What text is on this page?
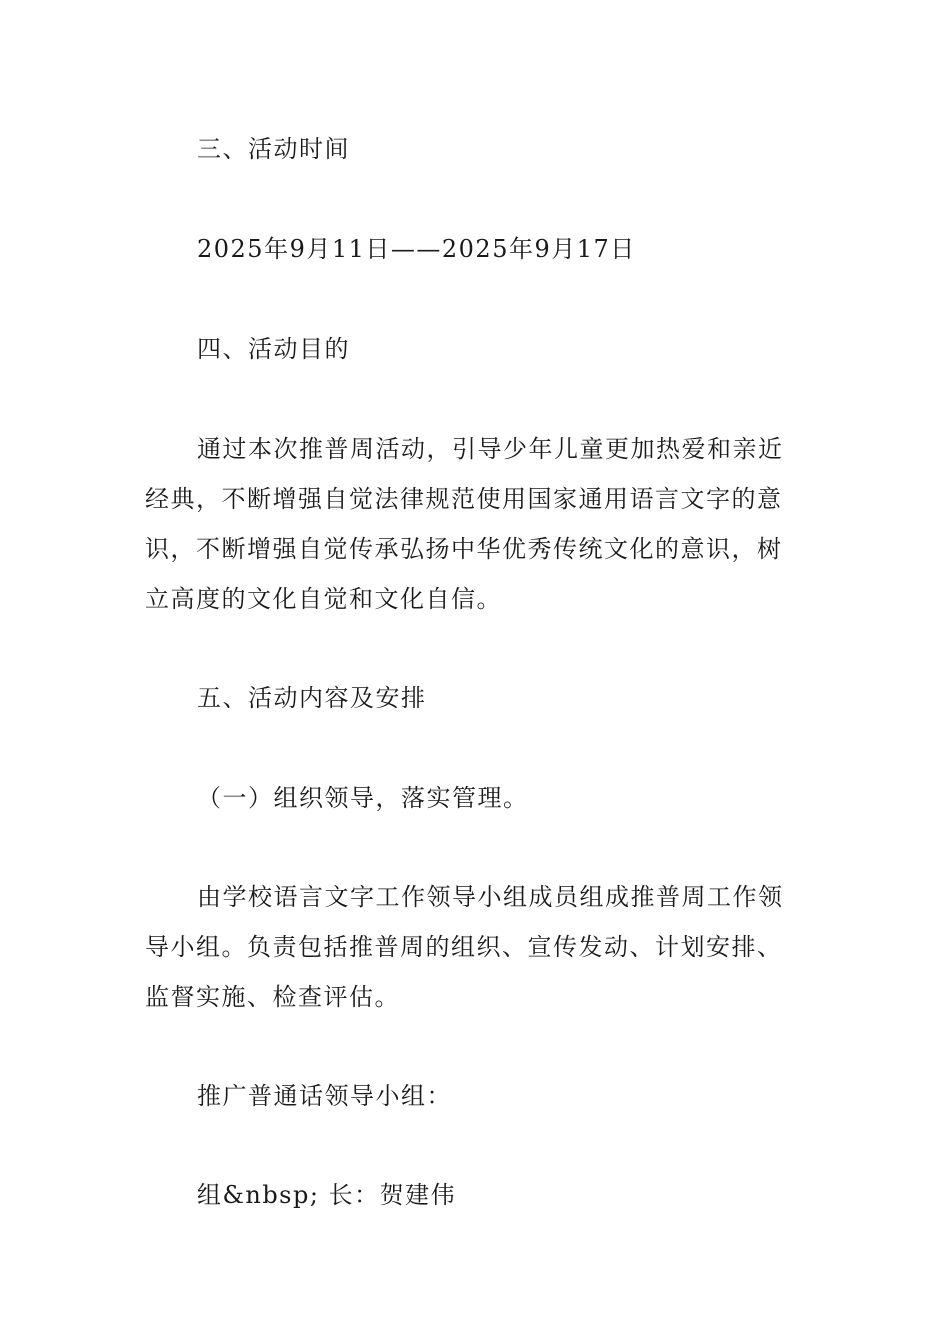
三、活动时间
2025年9月11日——2025年9月17日
四、活动目的
通过本次推普周活动，引导少年儿童更加热爱和亲近
经典，不断增强自觉法律规范使用国家通用语言文字的意
识，不断增强自觉传承弘扬中华优秀传统文化的意识，树
立高度的文化自觉和文化自信。
五、活动内容及安排
（一）组织领导，落实管理。
由学校语言文字工作领导小组成员组成推普周工作领
导小组。负责包括推普周的组织、宣传发动、计划安排、
监督实施、检查评估。
推广普通话领导小组：
组&nbsp; 长：贺建伟
